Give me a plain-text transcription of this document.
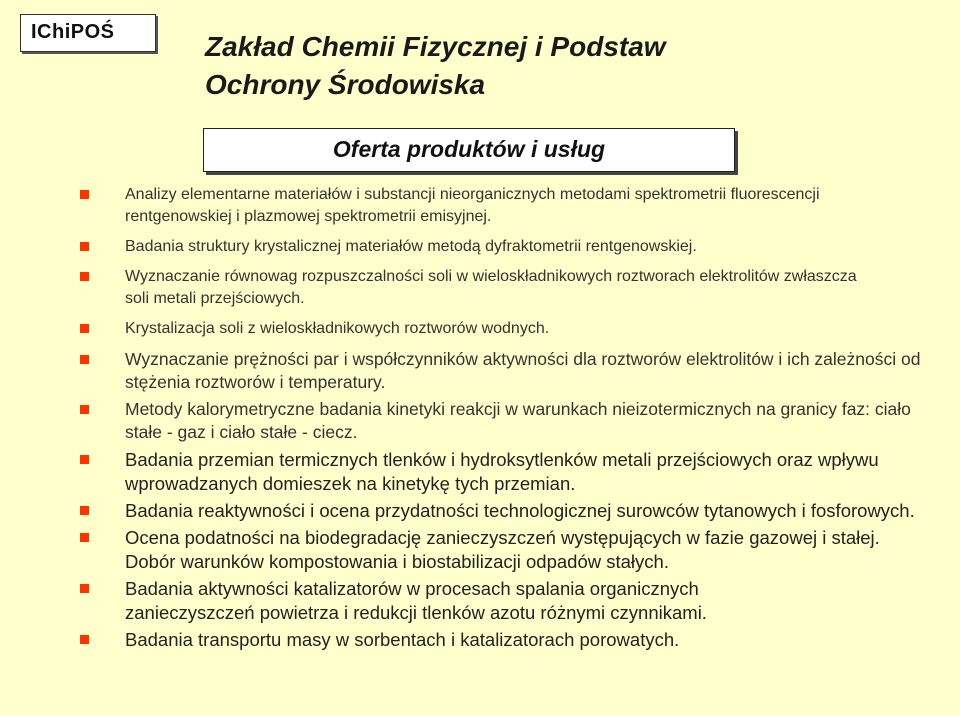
IChiPOŚ	Zakład Chemii Fizycznej i Podstaw
Ochrony Środowiska
Oferta produktów i usług
Analizy elementarne materiałów i substancji nieorganicznych metodami spektrometrii fluorescencji rentgenowskiej i plazmowej spektrometrii emisyjnej.
Badania struktury krystalicznej materiałów metodą dyfraktometrii rentgenowskiej.
Wyznaczanie równowag rozpuszczalności soli w wieloskładnikowych roztworach elektrolitów zwłaszcza soli metali przejściowych.
Krystalizacja soli z wieloskładnikowych roztworów wodnych.
Wyznaczanie prężności par i współczynników aktywności dla roztworów elektrolitów i ich zależności od stężenia roztworów i temperatury.
Metody kalorymetryczne badania kinetyki reakcji w warunkach nieizotermicznych na granicy faz: ciało stałe - gaz i ciało stałe - ciecz.
Badania przemian termicznych tlenków i hydroksytlenków metali przejściowych oraz wpływu wprowadzanych domieszek na kinetykę tych przemian.
Badania reaktywności i ocena przydatności technologicznej surowców tytanowych i fosforowych.
Ocena podatności na biodegradację zanieczyszczeń występujących w fazie gazowej i stałej. Dobór warunków kompostowania i biostabilizacji odpadów stałych.
Badania aktywności katalizatorów w procesach spalania organicznych zanieczyszczeń powietrza i redukcji tlenków azotu różnymi czynnikami.
Badania transportu masy w sorbentach i katalizatorach porowatych.
